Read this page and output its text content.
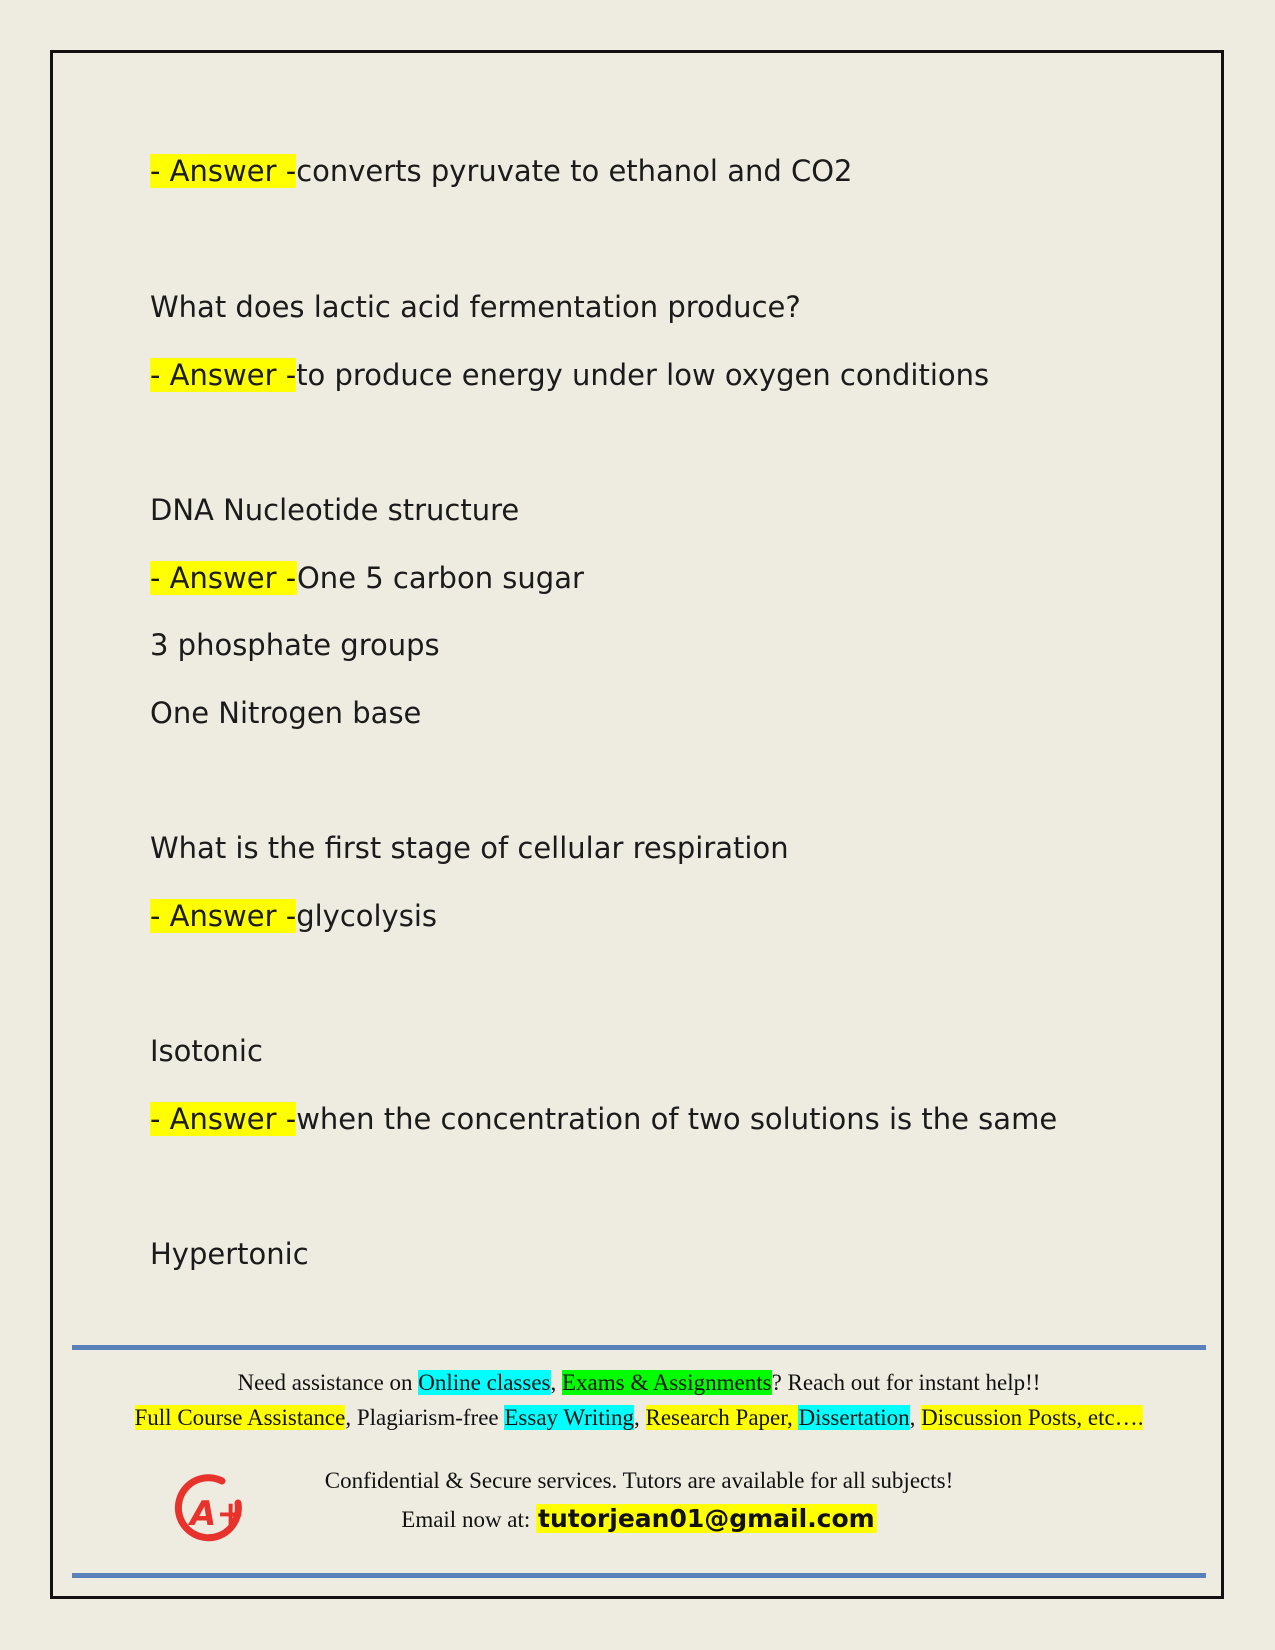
- Answer -converts pyruvate to ethanol and CO2
What does lactic acid fermentation produce?
- Answer -to produce energy under low oxygen conditions
DNA Nucleotide structure
- Answer -One 5 carbon sugar
3 phosphate groups
One Nitrogen base
What is the first stage of cellular respiration
- Answer -glycolysis
Isotonic
- Answer -when the concentration of two solutions is the same
Hypertonic
Need assistance on Online classes, Exams & Assignments? Reach out for instant help!!
Full Course Assistance, Plagiarism-free Essay Writing, Research Paper, Dissertation, Discussion Posts, etc….
A+
Confidential & Secure services. Tutors are available for all subjects!
Email now at: tutorjean01@gmail.com
